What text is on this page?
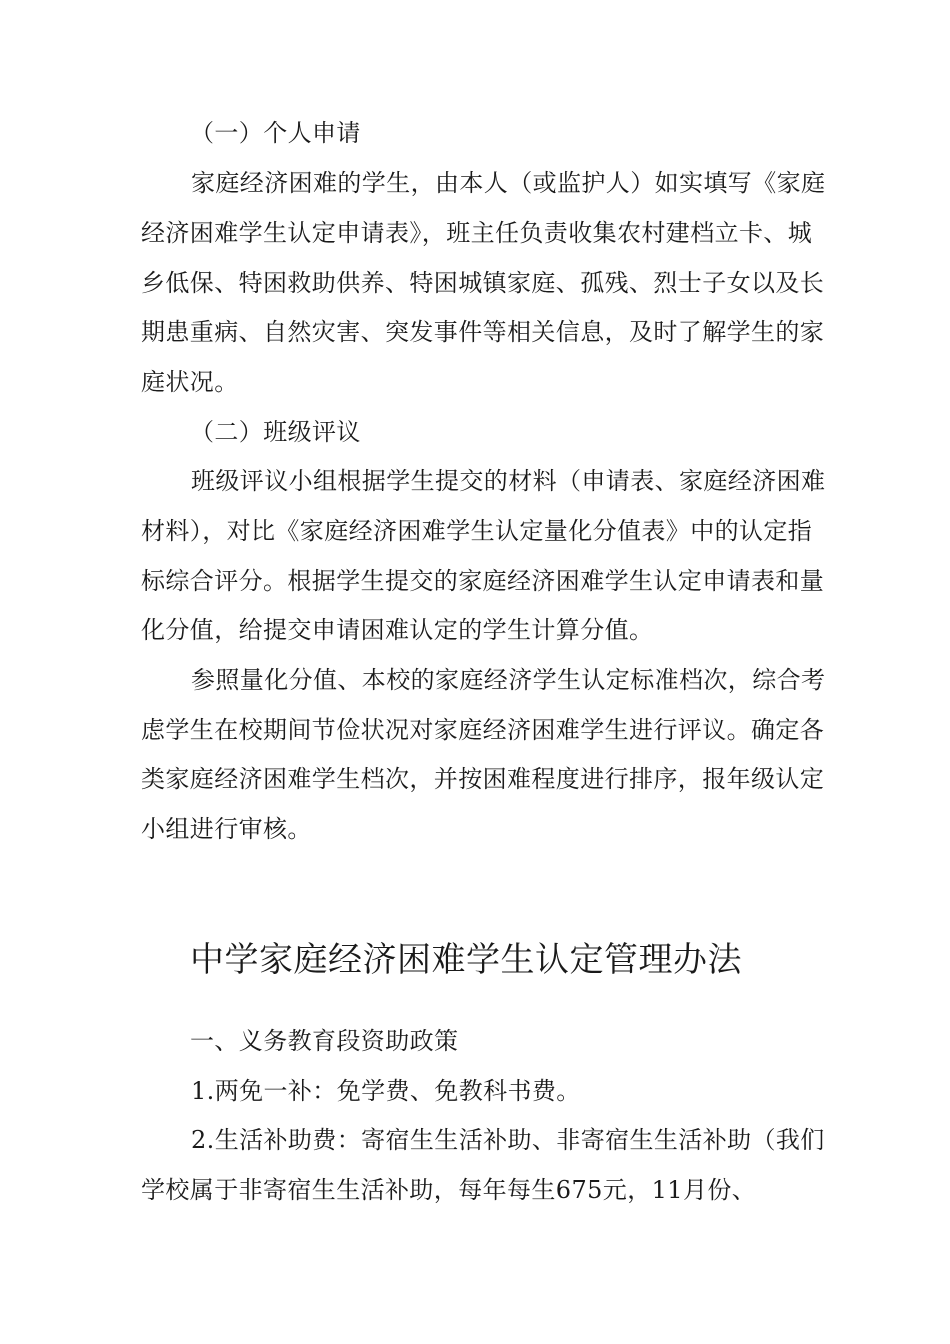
（一）个人申请
家庭经济困难的学生，由本人（或监护人）如实填写《家庭
经济困难学生认定申请表》，班主任负责收集农村建档立卡、城
乡低保、特困救助供养、特困城镇家庭、孤残、烈士子女以及长
期患重病、自然灾害、突发事件等相关信息，及时了解学生的家
庭状况。
（二）班级评议
班级评议小组根据学生提交的材料（申请表、家庭经济困难
材料），对比《家庭经济困难学生认定量化分值表》中的认定指
标综合评分。根据学生提交的家庭经济困难学生认定申请表和量
化分值，给提交申请困难认定的学生计算分值。
参照量化分值、本校的家庭经济学生认定标准档次，综合考
虑学生在校期间节俭状况对家庭经济困难学生进行评议。确定各
类家庭经济困难学生档次，并按困难程度进行排序，报年级认定
小组进行审核。
中学家庭经济困难学生认定管理办法
一、义务教育段资助政策
1.两免一补：免学费、免教科书费。
2.生活补助费：寄宿生生活补助、非寄宿生生活补助（我们
学校属于非寄宿生生活补助，每年每生675元，11月份、
